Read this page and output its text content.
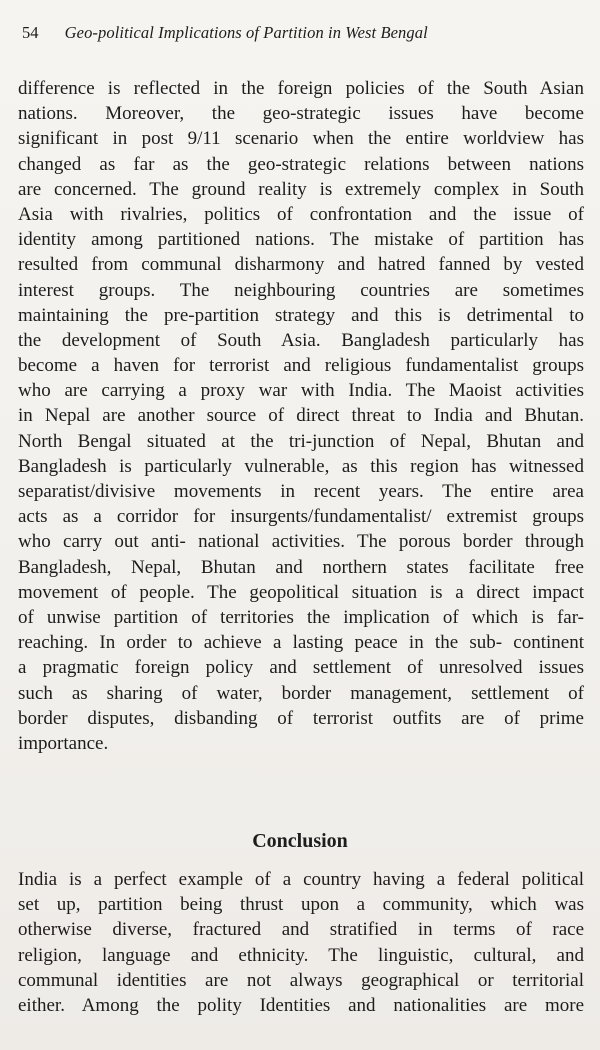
54 Geo-political Implications of Partition in West Bengal
difference is reflected in the foreign policies of the South Asian
nations. Moreover, the geo-strategic issues have become
significant in post 9/11 scenario when the entire worldview has
changed as far as the geo-strategic relations between nations
are concerned. The ground reality is extremely complex in South
Asia with rivalries, politics of confrontation and the issue of
identity among partitioned nations. The mistake of partition has
resulted from communal disharmony and hatred fanned by vested
interest groups. The neighbouring countries are sometimes
maintaining the pre-partition strategy and this is detrimental to
the development of South Asia. Bangladesh particularly has
become a haven for terrorist and religious fundamentalist groups
who are carrying a proxy war with India. The Maoist activities
in Nepal are another source of direct threat to India and Bhutan.
North Bengal situated at the tri-junction of Nepal, Bhutan and
Bangladesh is particularly vulnerable, as this region has witnessed
separatist/divisive movements in recent years. The entire area
acts as a corridor for insurgents/fundamentalist/ extremist groups
who carry out anti- national activities. The porous border through
Bangladesh, Nepal, Bhutan and northern states facilitate free
movement of people. The geopolitical situation is a direct impact
of unwise partition of territories the implication of which is far-
reaching. In order to achieve a lasting peace in the sub- continent
a pragmatic foreign policy and settlement of unresolved issues
such as sharing of water, border management, settlement of
border disputes, disbanding of terrorist outfits are of prime
importance.
Conclusion
India is a perfect example of a country having a federal political
set up, partition being thrust upon a community, which was
otherwise diverse, fractured and stratified in terms of race
religion, language and ethnicity. The linguistic, cultural, and
communal identities are not always geographical or territorial
either. Among the polity Identities and nationalities are more
